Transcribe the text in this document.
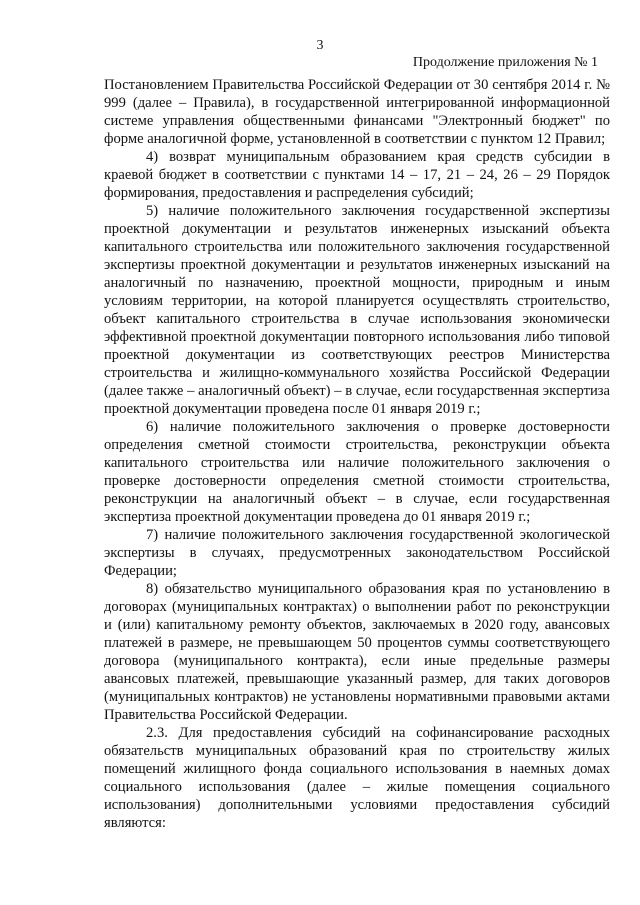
3
Продолжение приложения № 1

Постановлением Правительства Российской Федерации от 30 сентября 2014 г. № 999 (далее – Правила), в государственной интегрированной информационной системе управления общественными финансами "Электронный бюджет" по форме аналогичной форме, установленной в соответствии с пунктом 12 Правил;

4) возврат муниципальным образованием края средств субсидии в краевой бюджет в соответствии с пунктами 14 – 17, 21 – 24, 26 – 29 Порядок формирования, предоставления и распределения субсидий;

5) наличие положительного заключения государственной экспертизы проектной документации и результатов инженерных изысканий объекта капитального строительства или положительного заключения государственной экспертизы проектной документации и результатов инженерных изысканий на аналогичный по назначению, проектной мощности, природным и иным условиям территории, на которой планируется осуществлять строительство, объект капитального строительства в случае использования экономически эффективной проектной документации повторного использования либо типовой проектной документации из соответствующих реестров Министерства строительства и жилищно-коммунального хозяйства Российской Федерации (далее также – аналогичный объект) – в случае, если государственная экспертиза проектной документации проведена после 01 января 2019 г.;

6) наличие положительного заключения о проверке достоверности определения сметной стоимости строительства, реконструкции объекта капитального строительства или наличие положительного заключения о проверке достоверности определения сметной стоимости строительства, реконструкции на аналогичный объект – в случае, если государственная экспертиза проектной документации проведена до 01 января 2019 г.;

7) наличие положительного заключения государственной экологической экспертизы в случаях, предусмотренных законодательством Российской Федерации;

8) обязательство муниципального образования края по установлению в договорах (муниципальных контрактах) о выполнении работ по реконструкции и (или) капитальному ремонту объектов, заключаемых в 2020 году, авансовых платежей в размере, не превышающем 50 процентов суммы соответствующего договора (муниципального контракта), если иные предельные размеры авансовых платежей, превышающие указанный размер, для таких договоров (муниципальных контрактов) не установлены нормативными правовыми актами Правительства Российской Федерации.

2.3. Для предоставления субсидий на софинансирование расходных обязательств муниципальных образований края по строительству жилых помещений жилищного фонда социального использования в наемных домах социального использования (далее – жилые помещения социального использования) дополнительными условиями предоставления субсидий являются:
